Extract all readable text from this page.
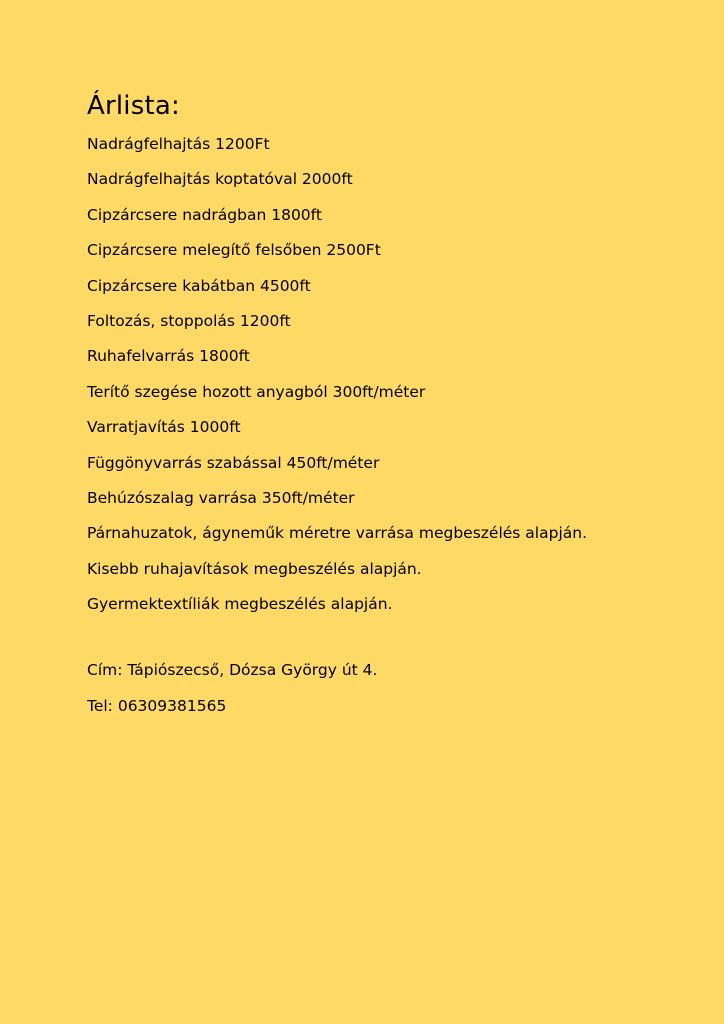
Árlista:
Nadrágfelhajtás 1200Ft
Nadrágfelhajtás koptatóval 2000ft
Cipzárcsere nadrágban 1800ft
Cipzárcsere melegítő felsőben 2500Ft
Cipzárcsere kabátban 4500ft
Foltozás, stoppolás 1200ft
Ruhafelvarrás 1800ft
Terítő szegése hozott anyagból 300ft/méter
Varratjavítás 1000ft
Függönyvarrás szabással 450ft/méter
Behúzószalag varrása 350ft/méter
Párnahuzatok, ágyneműk méretre varrása megbeszélés alapján.
Kisebb ruhajavítások megbeszélés alapján.
Gyermektextíliák megbeszélés alapján.
Cím: Tápiószecső, Dózsa György út 4.
Tel: 06309381565
